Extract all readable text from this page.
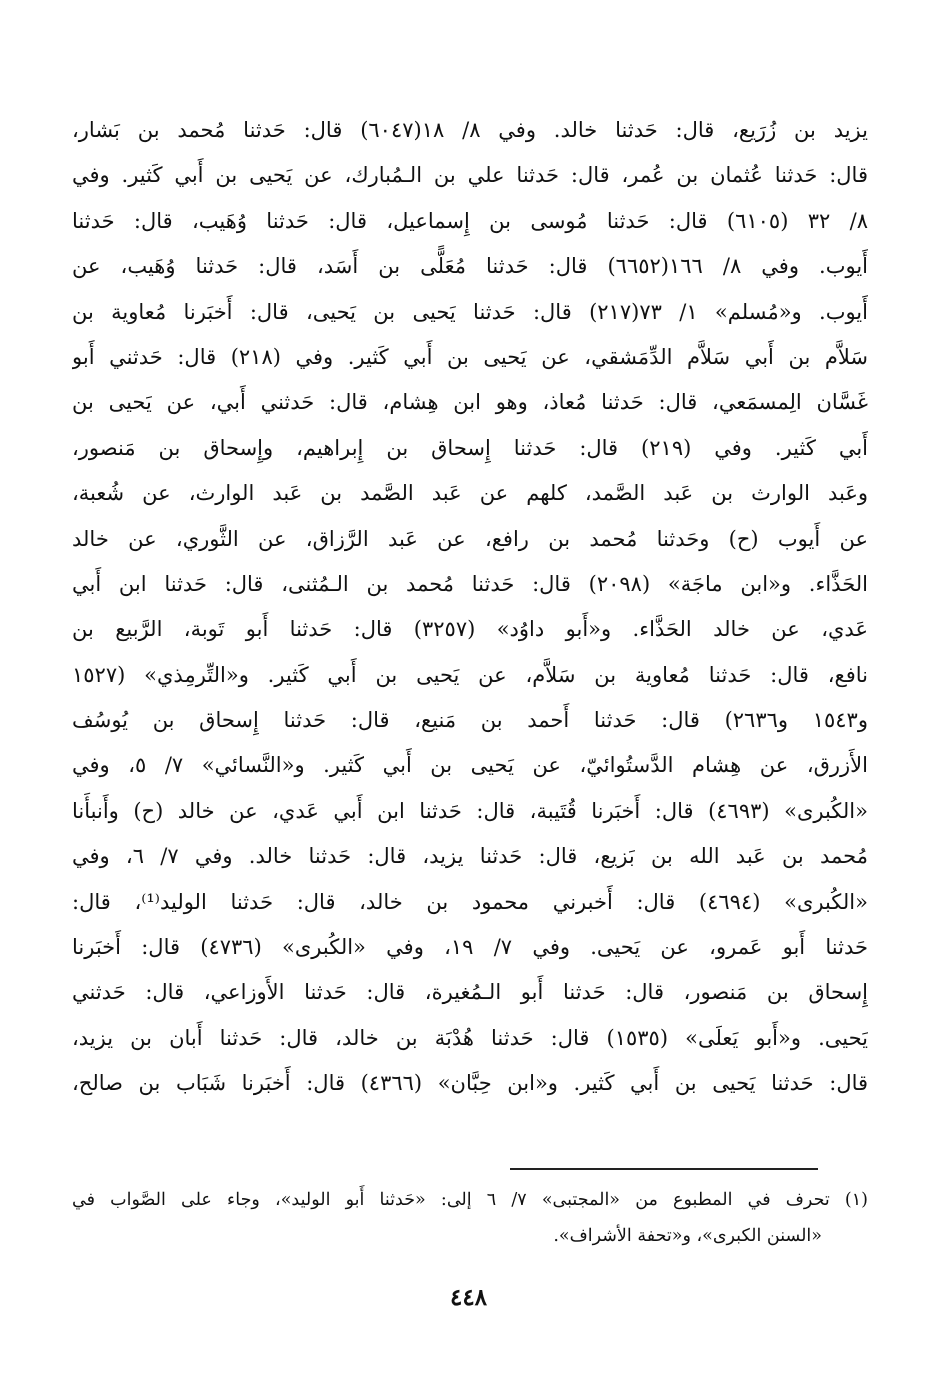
يزيد بن زُرَيع، قال: حَدثنا خالد. وفي ٨/ ١٨(٦٠٤٧) قال: حَدثنا مُحمد بن بَشار،
قال: حَدثنا عُثمان بن عُمر، قال: حَدثنا علي بن الـمُبارك، عن يَحيى بن أَبي كَثير. وفي
٨/ ٣٢ (٦١٠٥) قال: حَدثنا مُوسى بن إِسماعيل، قال: حَدثنا وُهَيب، قال: حَدثنا
أَيوب. وفي ٨/ ١٦٦(٦٦٥٢) قال: حَدثنا مُعَلًّى بن أَسَد، قال: حَدثنا وُهَيب، عن
أَيوب. و«مُسلم» ١/ ٧٣(٢١٧) قال: حَدثنا يَحيى بن يَحيى، قال: أَخبَرنا مُعاوية بن
سَلاَّم بن أَبي سَلاَّم الدِّمَشقي، عن يَحيى بن أَبي كَثير. وفي (٢١٨) قال: حَدثني أَبو
غَسَّان الِمسمَعي، قال: حَدثنا مُعاذ، وهو ابن هِشام، قال: حَدثني أَبي، عن يَحيى بن
أَبي كَثير. وفي (٢١٩) قال: حَدثنا إِسحاق بن إِبراهيم، وإِسحاق بن مَنصور،
وعَبد الوارث بن عَبد الصَّمد، كلهم عن عَبد الصَّمد بن عَبد الوارث، عن شُعبة،
عن أَيوب (ح) وحَدثنا مُحمد بن رافع، عن عَبد الرَّزاق، عن الثَّوري، عن خالد
الحَذَّاء. و«ابن ماجَة» (٢٠٩٨) قال: حَدثنا مُحمد بن الـمُثنى، قال: حَدثنا ابن أَبي
عَدي، عن خالد الحَذَّاء. و«أَبو داوُد» (٣٢٥٧) قال: حَدثنا أَبو تَوبة، الرَّبيع بن
نافع، قال: حَدثنا مُعاوية بن سَلاَّم، عن يَحيى بن أَبي كَثير. و«التِّرمِذي» (١٥٢٧
و١٥٤٣ و٢٦٣٦) قال: حَدثنا أَحمد بن مَنيع، قال: حَدثنا إِسحاق بن يُوسُف
الأَزرق، عن هِشام الدَّستُوائيّ، عن يَحيى بن أَبي كَثير. و«النَّسائي» ٧/ ٥، وفي
«الكُبرى» (٤٦٩٣) قال: أَخبَرنا قُتَيبة، قال: حَدثنا ابن أَبي عَدي، عن خالد (ح) وأَنبأَنا
مُحمد بن عَبد الله بن بَزيع، قال: حَدثنا يزيد، قال: حَدثنا خالد. وفي ٧/ ٦، وفي
«الكُبرى» (٤٦٩٤) قال: أَخبرني محمود بن خالد، قال: حَدثنا الوليد⁽¹⁾، قال:
حَدثنا أَبو عَمرو، عن يَحيى. وفي ٧/ ١٩، وفي «الكُبرى» (٤٧٣٦) قال: أَخبَرنا
إِسحاق بن مَنصور، قال: حَدثنا أَبو الـمُغيرة، قال: حَدثنا الأَوزاعي، قال: حَدثني
يَحيى. و«أَبو يَعلَى» (١٥٣٥) قال: حَدثنا هُدْبَة بن خالد، قال: حَدثنا أَبان بن يزيد،
قال: حَدثنا يَحيى بن أَبي كَثير. و«ابن حِبَّان» (٤٣٦٦) قال: أَخبَرنا شَبَاب بن صالح،
(١) تحرف في المطبوع من «المجتبى» ٧/ ٦ إلى: «حَدثنا أَبو الوليد»، وجاء على الصَّواب في
«السنن الكبرى»، و«تحفة الأشراف».
٤٤٨
